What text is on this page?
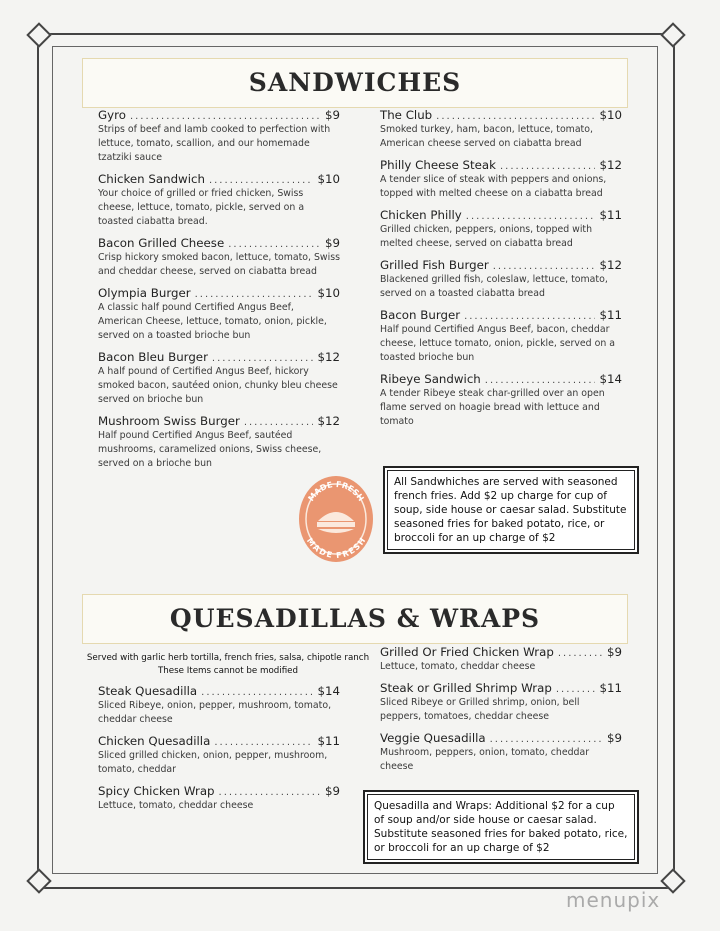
SANDWICHES
Gyro .....	$9
Strips of beef and lamb cooked to perfection with lettuce, tomato, scallion, and our homemade tzatziki sauce
Chicken Sandwich .....	$10
Your choice of grilled or fried chicken, Swiss cheese, lettuce, tomato, pickle, served on a toasted ciabatta bread.
Bacon Grilled Cheese .....	$9
Crisp hickory smoked bacon, lettuce, tomato, Swiss and cheddar cheese, served on ciabatta bread
Olympia Burger .....	$10
A classic half pound Certified Angus Beef, American Cheese, lettuce, tomato, onion, pickle, served on a toasted brioche bun
Bacon Bleu Burger .....	$12
A half pound of Certified Angus Beef, hickory smoked bacon, sautéed onion, chunky bleu cheese served on brioche bun
Mushroom Swiss Burger .....	$12
Half pound Certified Angus Beef, sautéed mushrooms, caramelized onions, Swiss cheese, served on a brioche bun
The Club .....	$10
Smoked turkey, ham, bacon, lettuce, tomato, American cheese served on ciabatta bread
Philly Cheese Steak .....	$12
A tender slice of steak with peppers and onions, topped with melted cheese on a ciabatta bread
Chicken Philly .....	$11
Grilled chicken, peppers, onions, topped with melted cheese, served on ciabatta bread
Grilled Fish Burger .....	$12
Blackened grilled fish, coleslaw, lettuce, tomato, served on a toasted ciabatta bread
Bacon Burger .....	$11
Half pound Certified Angus Beef, bacon, cheddar cheese, lettuce tomato, onion, pickle, served on a toasted brioche bun
Ribeye Sandwich .....	$14
A tender Ribeye steak char-grilled over an open flame served on hoagie bread with lettuce and tomato
MADE FRESH
MADE FRESH
All Sandwhiches are served with seasoned french fries. Add $2 up charge for cup of soup, side house or caesar salad. Substitute seasoned fries for baked potato, rice, or broccoli for an up charge of $2
QUESADILLAS & WRAPS
Served with garlic herb tortilla, french fries, salsa, chipotle ranch
These Items cannot be modified
Steak Quesadilla .....	$14
Sliced Ribeye, onion, pepper, mushroom, tomato, cheddar cheese
Chicken Quesadilla .....	$11
Sliced grilled chicken, onion, pepper, mushroom, tomato, cheddar
Spicy Chicken Wrap .....	$9
Lettuce, tomato, cheddar cheese
Grilled Or Fried Chicken Wrap .....	$9
Lettuce, tomato, cheddar cheese
Steak or Grilled Shrimp Wrap .....	$11
Sliced Ribeye or Grilled shrimp, onion, bell peppers, tomatoes, cheddar cheese
Veggie Quesadilla .....	$9
Mushroom, peppers, onion, tomato, cheddar cheese
Quesadilla and Wraps: Additional $2 for a cup of soup and/or side house or caesar salad. Substitute seasoned fries for baked potato, rice, or broccoli for an up charge of $2
menupix
